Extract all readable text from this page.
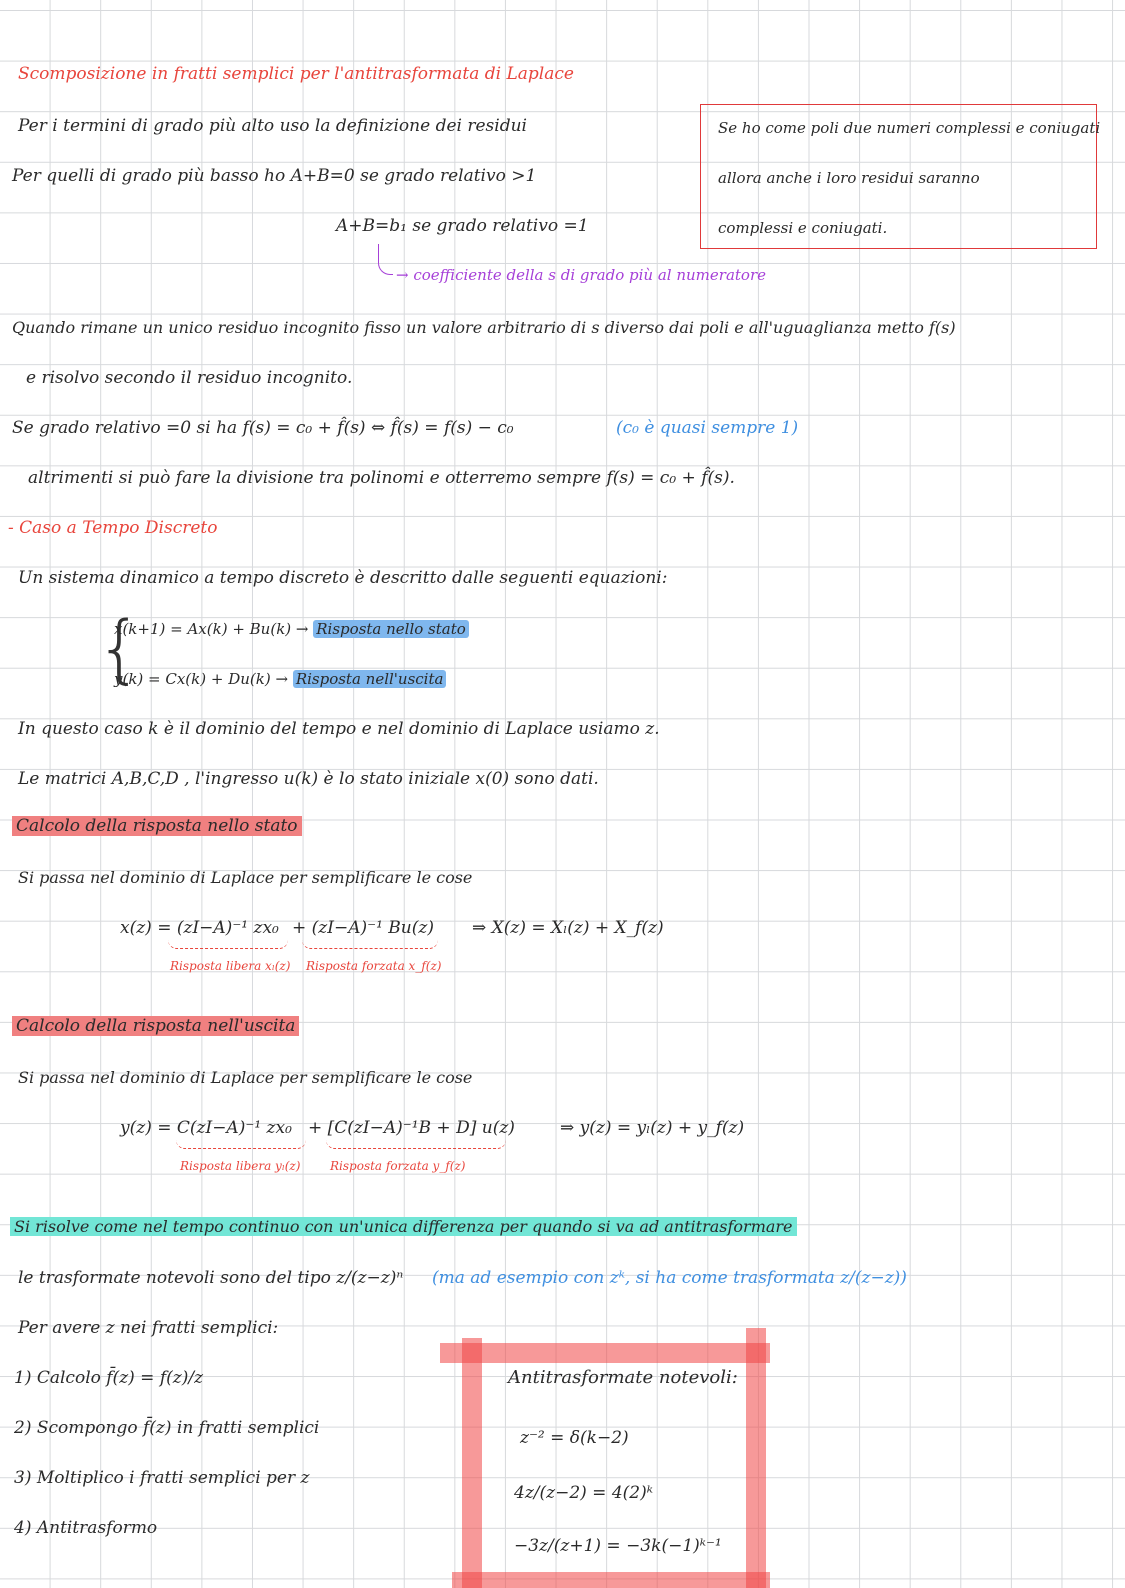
Scomposizione in fratti semplici per l'antitrasformata di Laplace
Per i termini di grado più alto uso la definizione dei residui
Per quelli di grado più basso ho A+B=0 se grado relativo >1
A+B=b₁ se grado relativo =1
→ coefficiente della s di grado più al numeratore
Se ho come poli due numeri complessi e coniugati
allora anche i loro residui saranno
complessi e coniugati.
Quando rimane un unico residuo incognito fisso un valore arbitrario di s diverso dai poli e all'uguaglianza metto f(s)
e risolvo secondo il residuo incognito.
Se grado relativo =0 si ha f(s) = c₀ + f̂(s) ⇔ f̂(s) = f(s) − c₀	(c₀ è quasi sempre 1)
altrimenti si può fare la divisione tra polinomi e otterremo sempre f(s) = c₀ + f̂(s).
- Caso a Tempo Discreto
Un sistema dinamico a tempo discreto è descritto dalle seguenti equazioni:
{
x(k+1) = Ax(k) + Bu(k) → Risposta nello stato
y(k) = Cx(k) + Du(k) → Risposta nell'uscita
In questo caso k è il dominio del tempo e nel dominio di Laplace usiamo z.
Le matrici A,B,C,D , l'ingresso u(k) è lo stato iniziale x(0) sono dati.
Calcolo della risposta nello stato
Si passa nel dominio di Laplace per semplificare le cose
x(z) = (zI−A)⁻¹ zx₀ + (zI−A)⁻¹ Bu(z) ⇒ X(z) = Xₗ(z) + X_f(z)
Risposta libera xₗ(z) Risposta forzata x_f(z)
Calcolo della risposta nell'uscita
Si passa nel dominio di Laplace per semplificare le cose
y(z) = C(zI−A)⁻¹ zx₀ + [C(zI−A)⁻¹B + D] u(z)	⇒ y(z) = yₗ(z) + y_f(z)
Risposta libera yₗ(z) Risposta forzata y_f(z)
Si risolve come nel tempo continuo con un'unica differenza per quando si va ad antitrasformare
le trasformate notevoli sono del tipo z/(z−z)ⁿ (ma ad esempio con zᵏ, si ha come trasformata z/(z−z))
Per avere z nei fratti semplici:
1) Calcolo f̄(z) = f(z)/z
2) Scompongo f̄(z) in fratti semplici
3) Moltiplico i fratti semplici per z
4) Antitrasformo
Antitrasformate notevoli:
z⁻² = δ(k−2)
4z/(z−2) = 4(2)ᵏ
−3z/(z+1) = −3k(−1)ᵏ⁻¹
